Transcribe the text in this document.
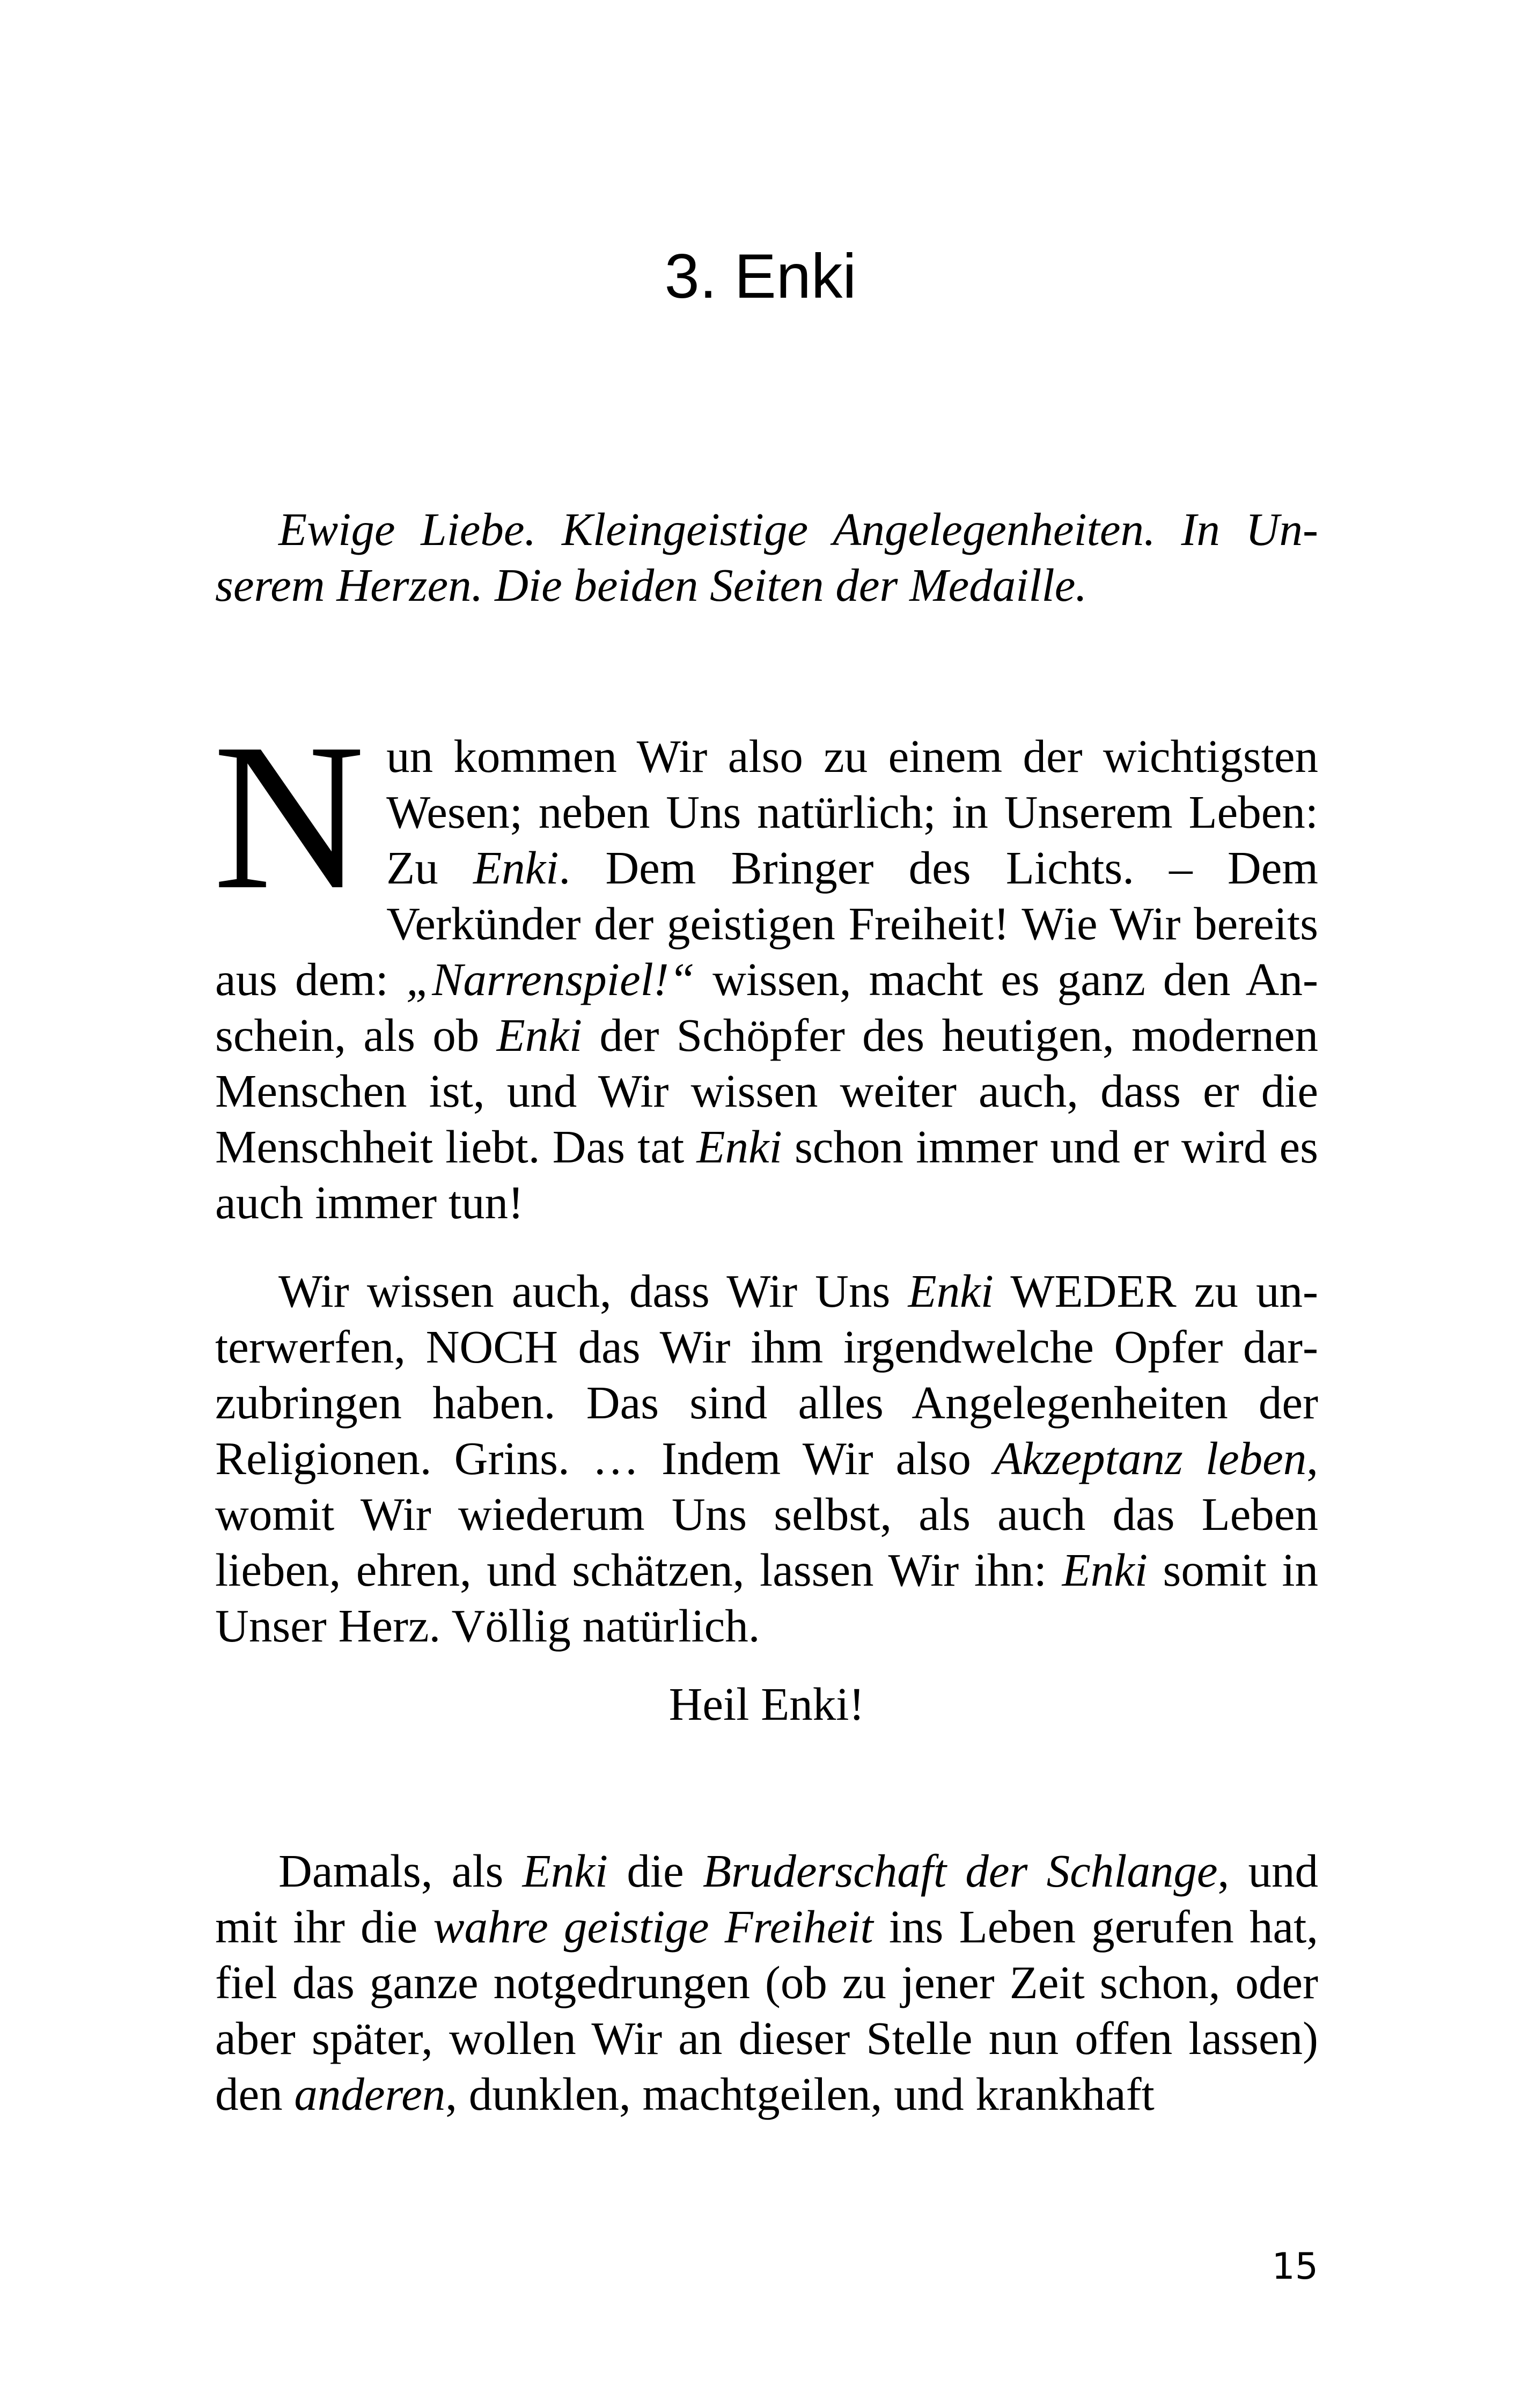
3. Enki

Ewige Liebe. Kleingeistige Angelegenheiten. In Unserem Herzen. Die beiden Seiten der Medaille.

Nun kommen Wir also zu einem der wichtigsten Wesen; neben Uns natürlich; in Unserem Leben: Zu Enki. Dem Bringer des Lichts. – Dem Verkünder der geistigen Freiheit! Wie Wir bereits aus dem: „Narrenspiel!“ wissen, macht es ganz den Anschein, als ob Enki der Schöpfer des heutigen, modernen Menschen ist, und Wir wissen weiter auch, dass er die Menschheit liebt. Das tat Enki schon immer und er wird es auch immer tun!

Wir wissen auch, dass Wir Uns Enki WEDER zu unterwerfen, NOCH das Wir ihm irgendwelche Opfer darzubringen haben. Das sind alles Angelegenheiten der Religionen. Grins. … Indem Wir also Akzeptanz leben, womit Wir wiederum Uns selbst, als auch das Leben lieben, ehren, und schätzen, lassen Wir ihn: Enki somit in Unser Herz. Völlig natürlich.

Heil Enki!

Damals, als Enki die Bruderschaft der Schlange, und mit ihr die wahre geistige Freiheit ins Leben gerufen hat, fiel das ganze notgedrungen (ob zu jener Zeit schon, oder aber später, wollen Wir an dieser Stelle nun offen lassen) den anderen, dunklen, machtgeilen, und krankhaft

15
